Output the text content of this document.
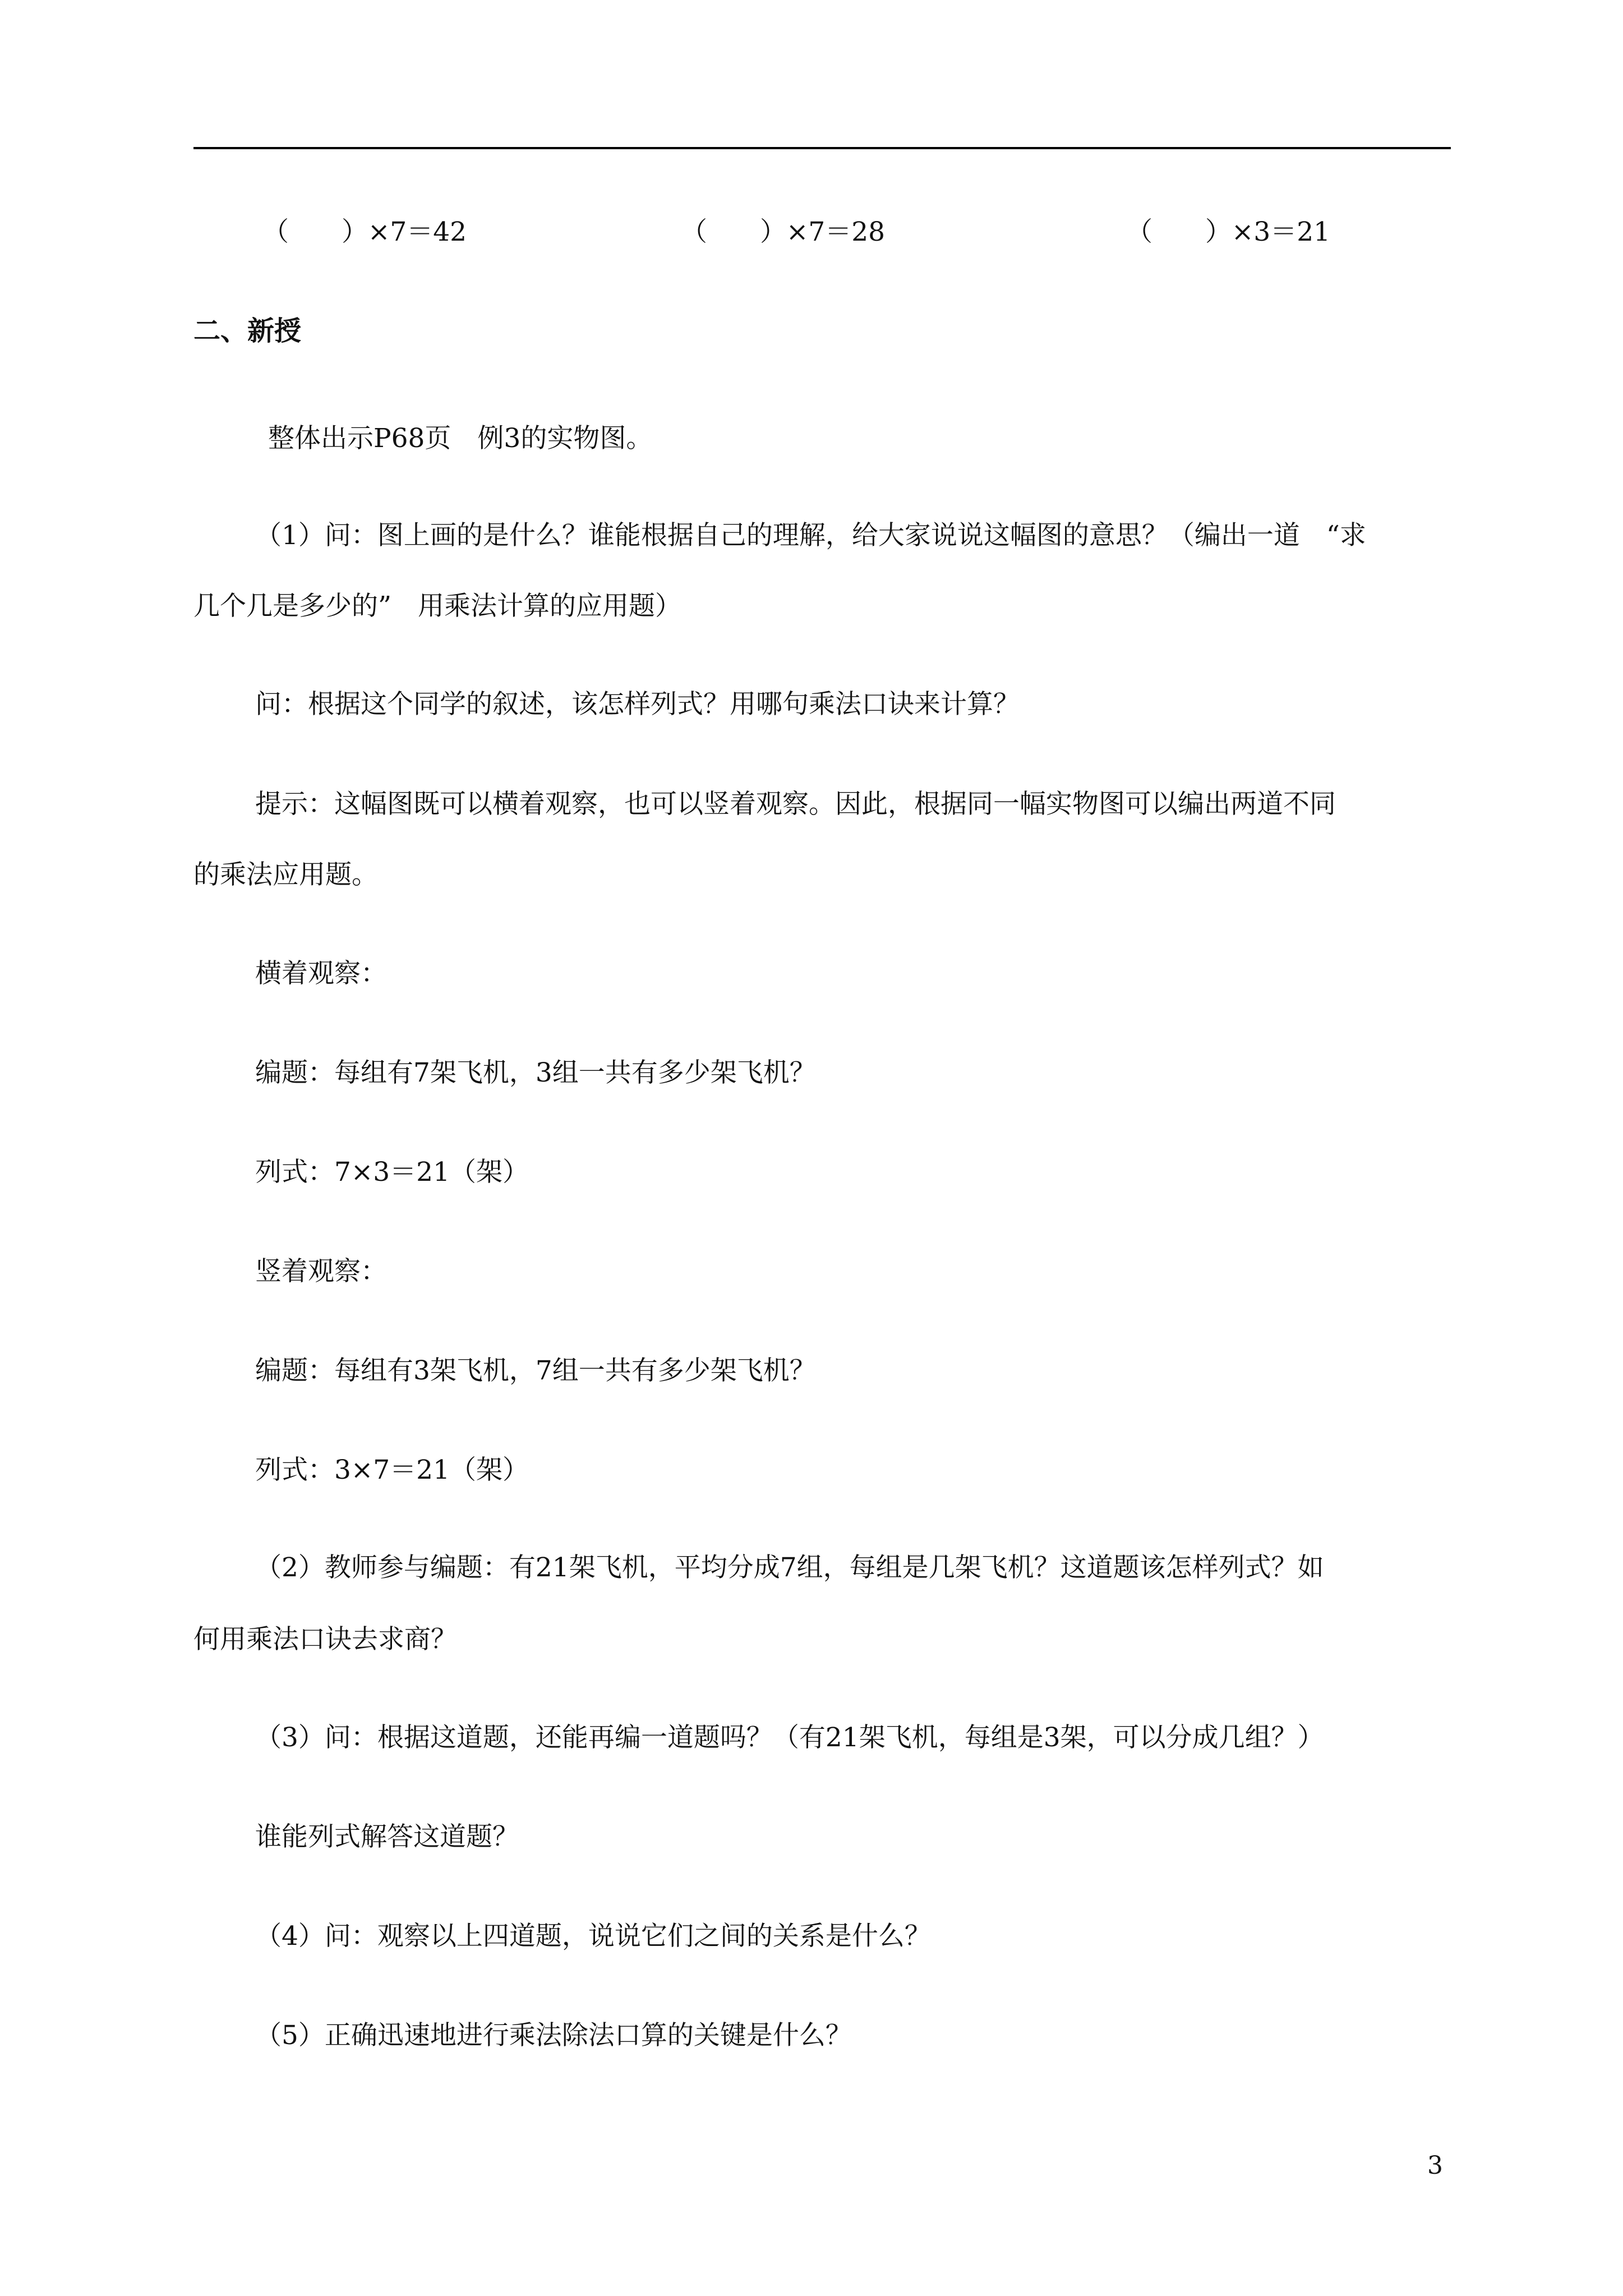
（　　）×7＝42	（　　）×7＝28	（　　）×3＝21
二、新授
整体出示P68页　例3的实物图。
（1）问：图上画的是什么？谁能根据自己的理解，给大家说说这幅图的意思？（编出一道　“求
几个几是多少的”　用乘法计算的应用题）
问：根据这个同学的叙述，该怎样列式？用哪句乘法口诀来计算？
提示：这幅图既可以横着观察，也可以竖着观察。因此，根据同一幅实物图可以编出两道不同
的乘法应用题。
横着观察：
编题：每组有7架飞机，3组一共有多少架飞机？
列式：7×3＝21（架）
竖着观察：
编题：每组有3架飞机，7组一共有多少架飞机？
列式：3×7＝21（架）
（2）教师参与编题：有21架飞机，平均分成7组，每组是几架飞机？这道题该怎样列式？如
何用乘法口诀去求商？
（3）问：根据这道题，还能再编一道题吗？（有21架飞机，每组是3架，可以分成几组？）
谁能列式解答这道题？
（4）问：观察以上四道题，说说它们之间的关系是什么？
（5）正确迅速地进行乘法除法口算的关键是什么？
3
